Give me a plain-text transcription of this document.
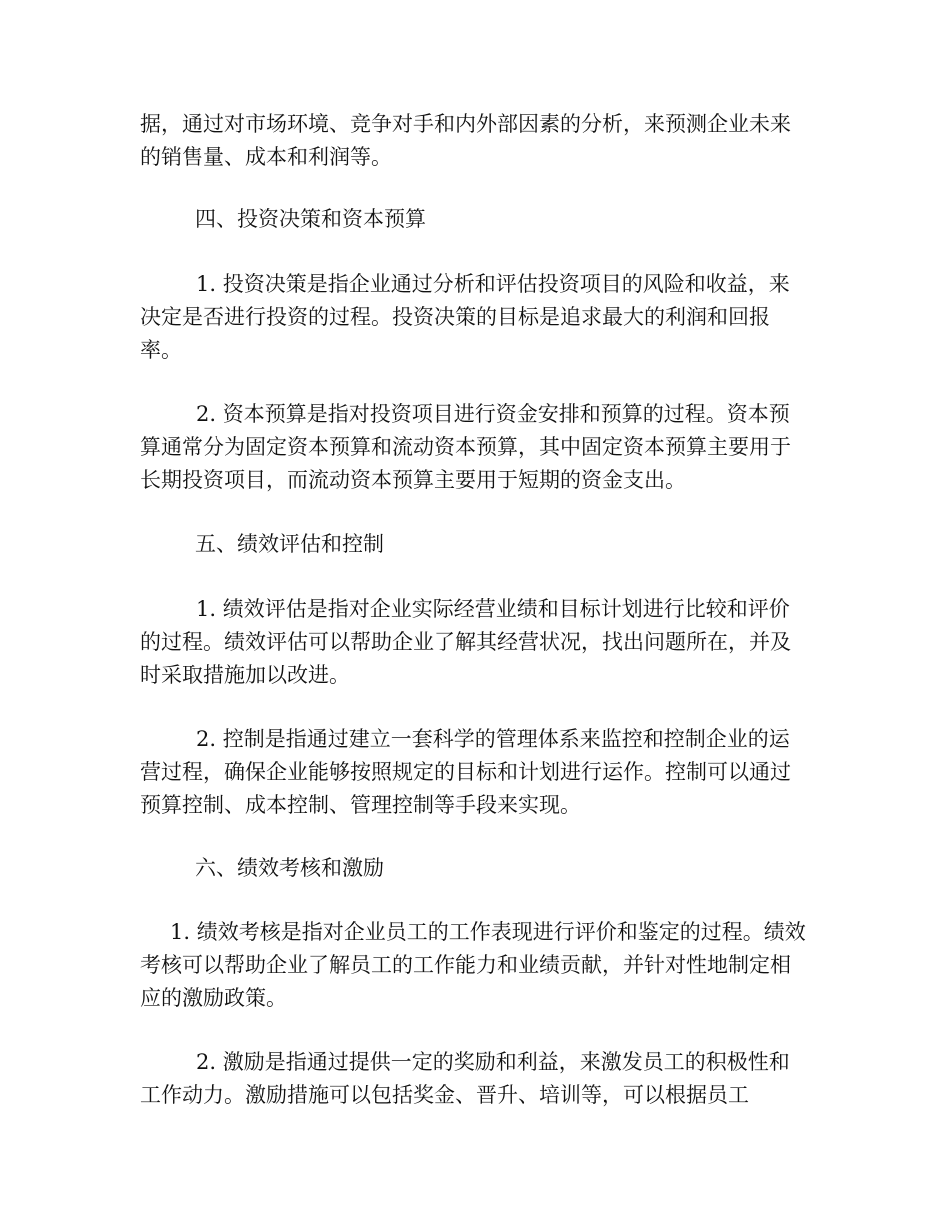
据，通过对市场环境、竞争对手和内外部因素的分析，来预测企业未来的销售量、成本和利润等。

四、投资决策和资本预算

1. 投资决策是指企业通过分析和评估投资项目的风险和收益，来决定是否进行投资的过程。投资决策的目标是追求最大的利润和回报率。

2. 资本预算是指对投资项目进行资金安排和预算的过程。资本预算通常分为固定资本预算和流动资本预算，其中固定资本预算主要用于长期投资项目，而流动资本预算主要用于短期的资金支出。

五、绩效评估和控制

1. 绩效评估是指对企业实际经营业绩和目标计划进行比较和评价的过程。绩效评估可以帮助企业了解其经营状况，找出问题所在，并及时采取措施加以改进。

2. 控制是指通过建立一套科学的管理体系来监控和控制企业的运营过程，确保企业能够按照规定的目标和计划进行运作。控制可以通过预算控制、成本控制、管理控制等手段来实现。

六、绩效考核和激励

1. 绩效考核是指对企业员工的工作表现进行评价和鉴定的过程。绩效考核可以帮助企业了解员工的工作能力和业绩贡献，并针对性地制定相应的激励政策。

2. 激励是指通过提供一定的奖励和利益，来激发员工的积极性和工作动力。激励措施可以包括奖金、晋升、培训等，可以根据员工
